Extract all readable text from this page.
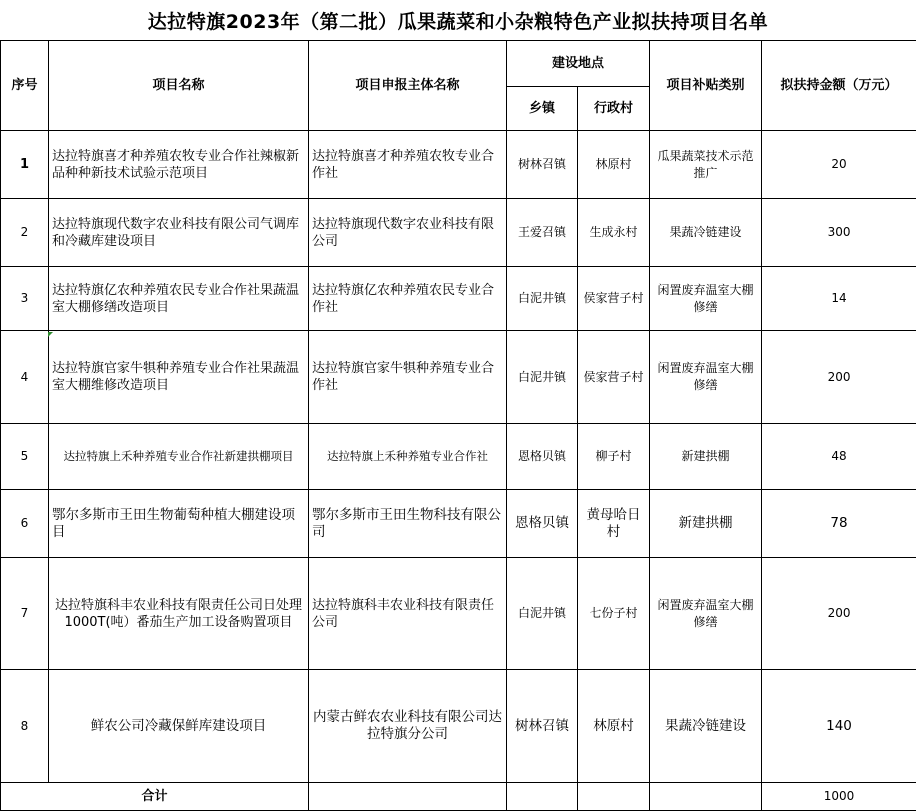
达拉特旗2023年（第二批）瓜果蔬菜和小杂粮特色产业拟扶持项目名单
序号	项目名称	项目申报主体名称	建设地点		项目补贴类别	拟扶持金额（万元）
			乡镇	行政村		
1	达拉特旗喜才种养殖农牧专业合作社辣椒新品种种新技术试验示范项目	达拉特旗喜才种养殖农牧专业合作社	树林召镇	林原村	瓜果蔬菜技术示范推广	20
2	达拉特旗现代数字农业科技有限公司气调库和冷藏库建设项目	达拉特旗现代数字农业科技有限公司	王爱召镇	生成永村	果蔬冷链建设	300
3	达拉特旗亿农种养殖农民专业合作社果蔬温室大棚修缮改造项目	达拉特旗亿农种养殖农民专业合作社	白泥井镇	侯家营子村	闲置废弃温室大棚修缮	14
4	达拉特旗官家牛犋种养殖专业合作社果蔬温室大棚维修改造项目	达拉特旗官家牛犋种养殖专业合作社	白泥井镇	侯家营子村	闲置废弃温室大棚修缮	200
5	达拉特旗上禾种养殖专业合作社新建拱棚项目	达拉特旗上禾种养殖专业合作社	恩格贝镇	柳子村	新建拱棚	48
6	鄂尔多斯市王田生物葡萄种植大棚建设项目	鄂尔多斯市王田生物科技有限公司	恩格贝镇	黄母哈日村	新建拱棚	78
7	达拉特旗科丰农业科技有限责任公司日处理1000T(吨）番茄生产加工设备购置项目	达拉特旗科丰农业科技有限责任公司	白泥井镇	七份子村	闲置废弃温室大棚修缮	200
8	鲜农公司冷藏保鲜库建设项目	内蒙古鲜农农业科技有限公司达拉特旗分公司	树林召镇	林原村	果蔬冷链建设	140
合计						1000
